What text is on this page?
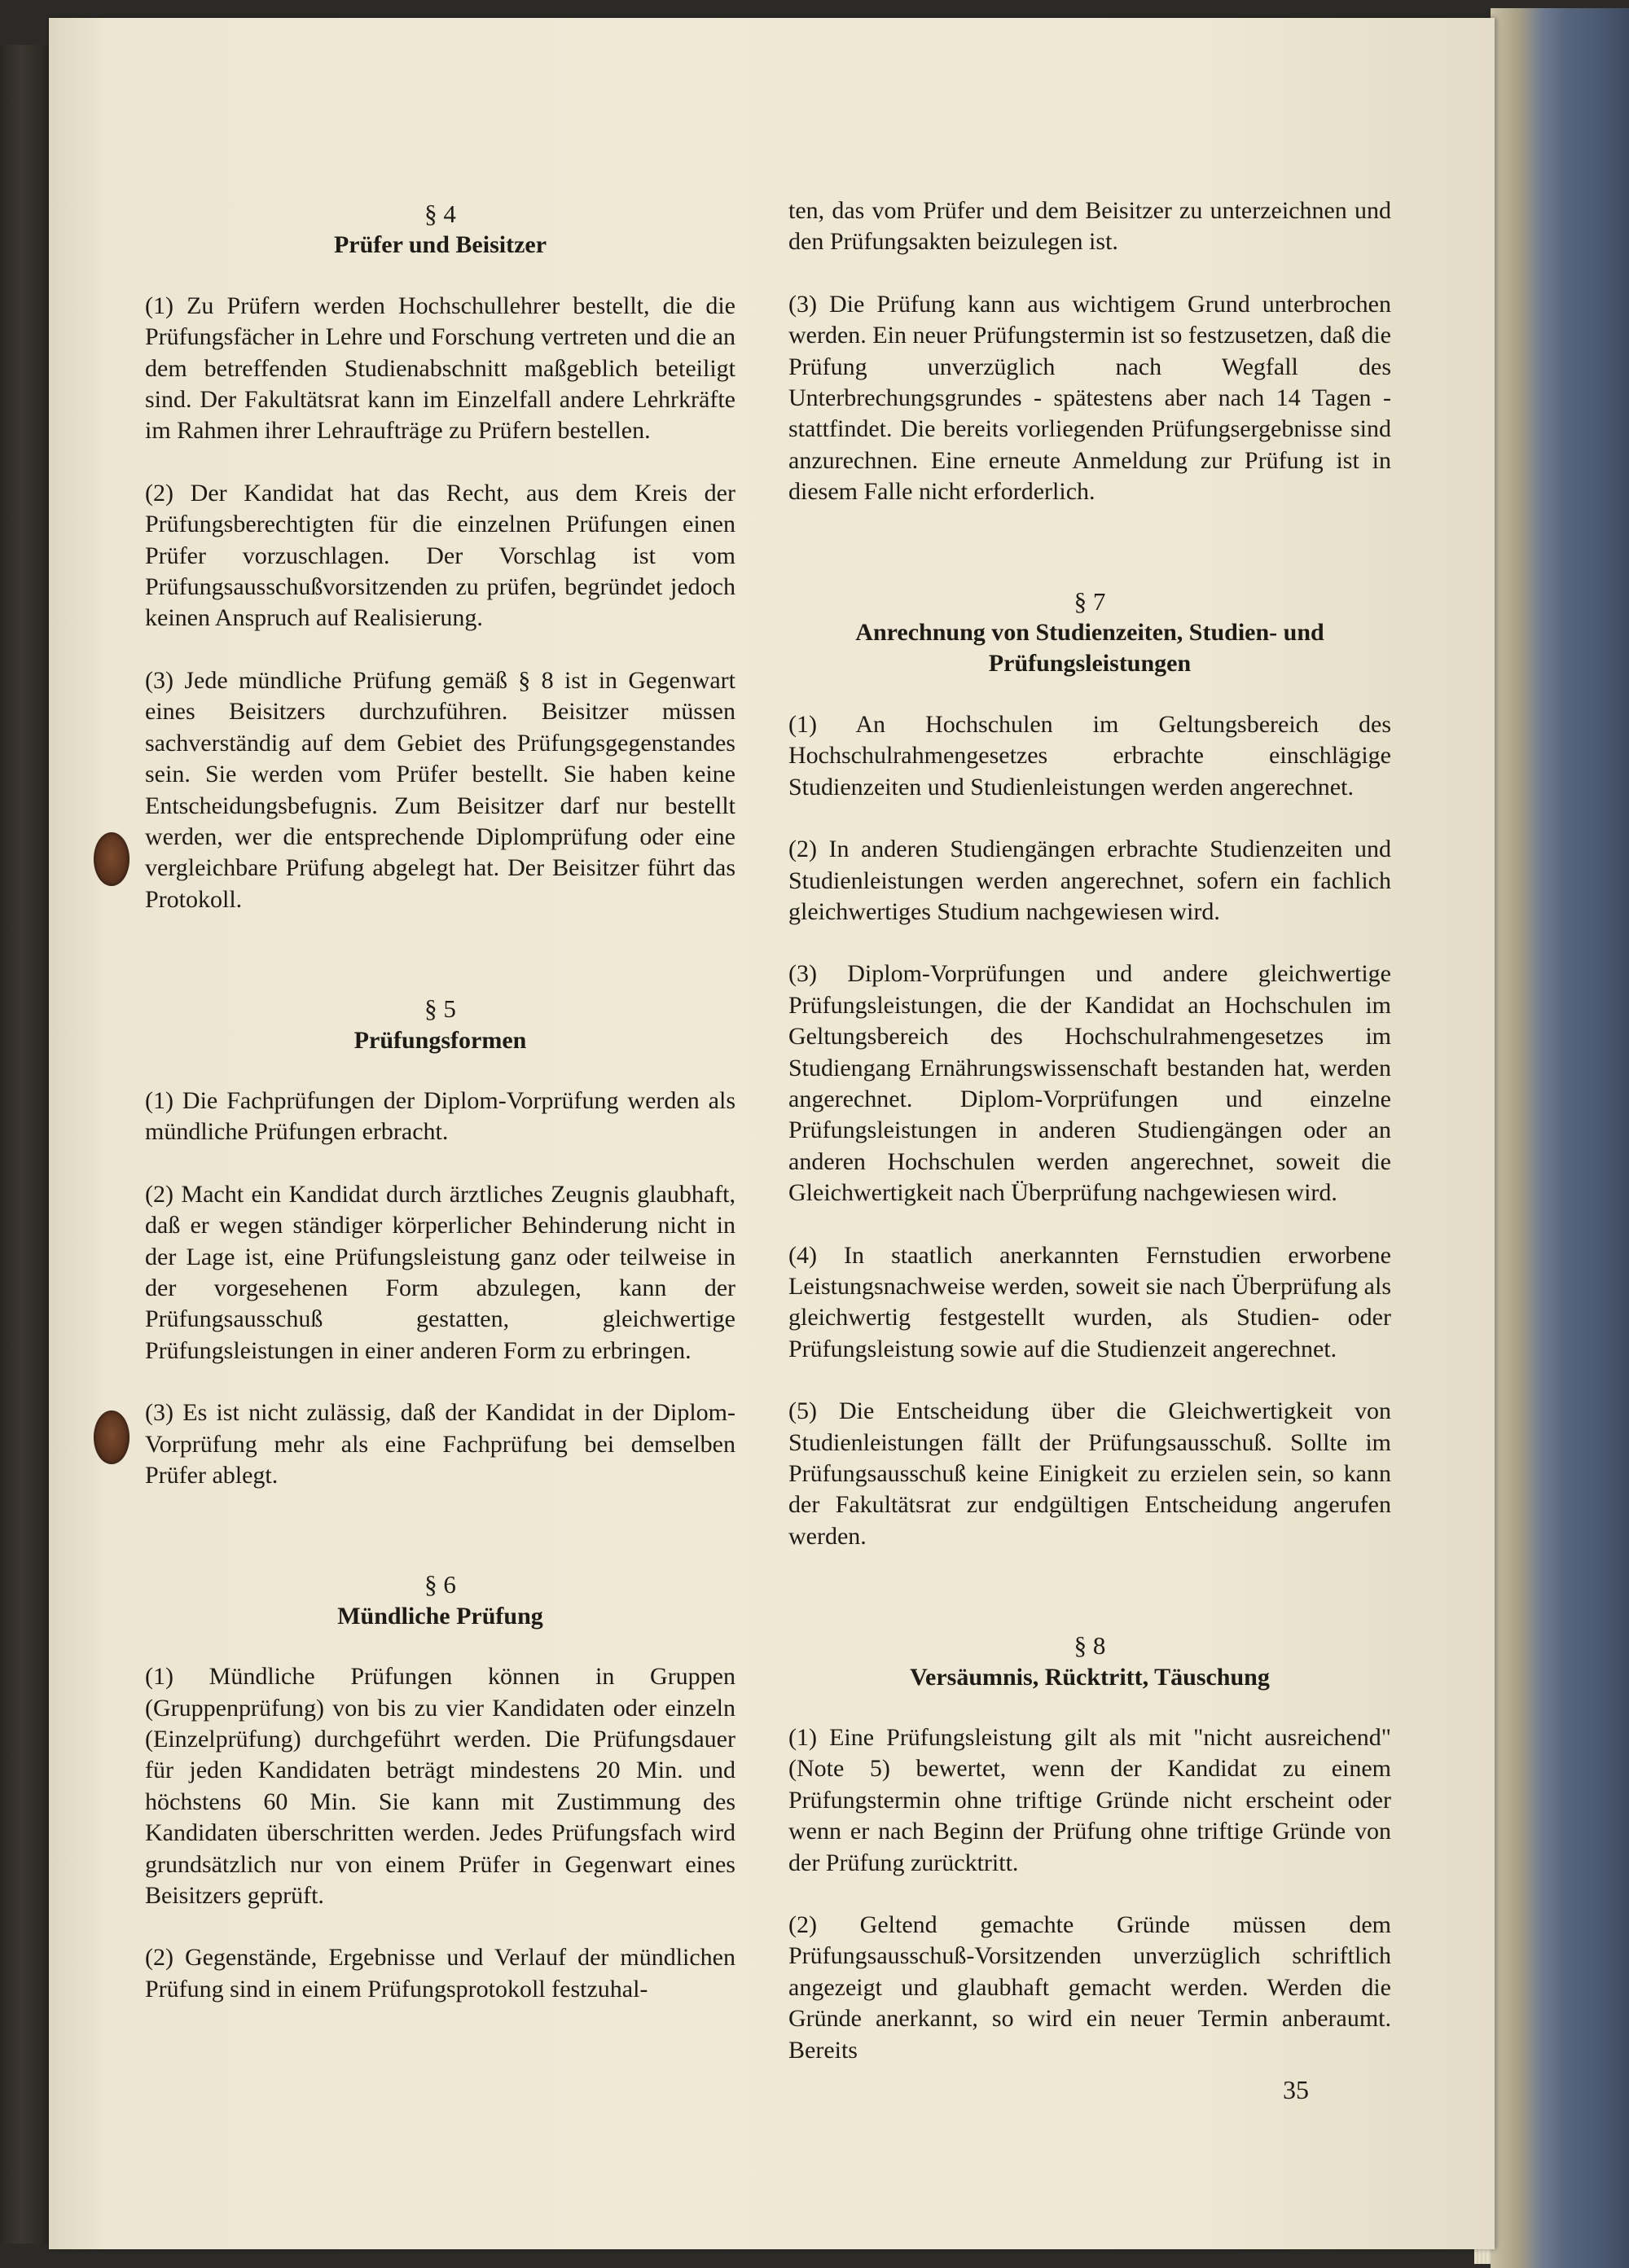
§ 4
Prüfer und Beisitzer

(1) Zu Prüfern werden Hochschullehrer bestellt, die die Prüfungsfächer in Lehre und Forschung vertreten und die an dem betreffenden Studienabschnitt maßgeblich beteiligt sind. Der Fakultätsrat kann im Einzelfall andere Lehrkräfte im Rahmen ihrer Lehraufträge zu Prüfern bestellen.

(2) Der Kandidat hat das Recht, aus dem Kreis der Prüfungsberechtigten für die einzelnen Prüfungen einen Prüfer vorzuschlagen. Der Vorschlag ist vom Prüfungsausschußvorsitzenden zu prüfen, begründet jedoch keinen Anspruch auf Realisierung.

(3) Jede mündliche Prüfung gemäß § 8 ist in Gegenwart eines Beisitzers durchzuführen. Beisitzer müssen sachverständig auf dem Gebiet des Prüfungsgegenstandes sein. Sie werden vom Prüfer bestellt. Sie haben keine Entscheidungsbefugnis. Zum Beisitzer darf nur bestellt werden, wer die entsprechende Diplomprüfung oder eine vergleichbare Prüfung abgelegt hat. Der Beisitzer führt das Protokoll.

§ 5
Prüfungsformen

(1) Die Fachprüfungen der Diplom-Vorprüfung werden als mündliche Prüfungen erbracht.

(2) Macht ein Kandidat durch ärztliches Zeugnis glaubhaft, daß er wegen ständiger körperlicher Behinderung nicht in der Lage ist, eine Prüfungsleistung ganz oder teilweise in der vorgesehenen Form abzulegen, kann der Prüfungsausschuß gestatten, gleichwertige Prüfungsleistungen in einer anderen Form zu erbringen.

(3) Es ist nicht zulässig, daß der Kandidat in der Diplom-Vorprüfung mehr als eine Fachprüfung bei demselben Prüfer ablegt.

§ 6
Mündliche Prüfung

(1) Mündliche Prüfungen können in Gruppen (Gruppenprüfung) von bis zu vier Kandidaten oder einzeln (Einzelprüfung) durchgeführt werden. Die Prüfungsdauer für jeden Kandidaten beträgt mindestens 20 Min. und höchstens 60 Min. Sie kann mit Zustimmung des Kandidaten überschritten werden. Jedes Prüfungsfach wird grundsätzlich nur von einem Prüfer in Gegenwart eines Beisitzers geprüft.

(2) Gegenstände, Ergebnisse und Verlauf der mündlichen Prüfung sind in einem Prüfungsprotokoll festzuhal-

ten, das vom Prüfer und dem Beisitzer zu unterzeichnen und den Prüfungsakten beizulegen ist.

(3) Die Prüfung kann aus wichtigem Grund unterbrochen werden. Ein neuer Prüfungstermin ist so festzusetzen, daß die Prüfung unverzüglich nach Wegfall des Unterbrechungsgrundes - spätestens aber nach 14 Tagen - stattfindet. Die bereits vorliegenden Prüfungsergebnisse sind anzurechnen. Eine erneute Anmeldung zur Prüfung ist in diesem Falle nicht erforderlich.

§ 7
Anrechnung von Studienzeiten, Studien- und Prüfungsleistungen

(1) An Hochschulen im Geltungsbereich des Hochschulrahmengesetzes erbrachte einschlägige Studienzeiten und Studienleistungen werden angerechnet.

(2) In anderen Studiengängen erbrachte Studienzeiten und Studienleistungen werden angerechnet, sofern ein fachlich gleichwertiges Studium nachgewiesen wird.

(3) Diplom-Vorprüfungen und andere gleichwertige Prüfungsleistungen, die der Kandidat an Hochschulen im Geltungsbereich des Hochschulrahmengesetzes im Studiengang Ernährungswissenschaft bestanden hat, werden angerechnet. Diplom-Vorprüfungen und einzelne Prüfungsleistungen in anderen Studiengängen oder an anderen Hochschulen werden angerechnet, soweit die Gleichwertigkeit nach Überprüfung nachgewiesen wird.

(4) In staatlich anerkannten Fernstudien erworbene Leistungsnachweise werden, soweit sie nach Überprüfung als gleichwertig festgestellt wurden, als Studien- oder Prüfungsleistung sowie auf die Studienzeit angerechnet.

(5) Die Entscheidung über die Gleichwertigkeit von Studienleistungen fällt der Prüfungsausschuß. Sollte im Prüfungsausschuß keine Einigkeit zu erzielen sein, so kann der Fakultätsrat zur endgültigen Entscheidung angerufen werden.

§ 8
Versäumnis, Rücktritt, Täuschung

(1) Eine Prüfungsleistung gilt als mit "nicht ausreichend" (Note 5) bewertet, wenn der Kandidat zu einem Prüfungstermin ohne triftige Gründe nicht erscheint oder wenn er nach Beginn der Prüfung ohne triftige Gründe von der Prüfung zurücktritt.

(2) Geltend gemachte Gründe müssen dem Prüfungsausschuß-Vorsitzenden unverzüglich schriftlich angezeigt und glaubhaft gemacht werden. Werden die Gründe anerkannt, so wird ein neuer Termin anberaumt. Bereits

35
